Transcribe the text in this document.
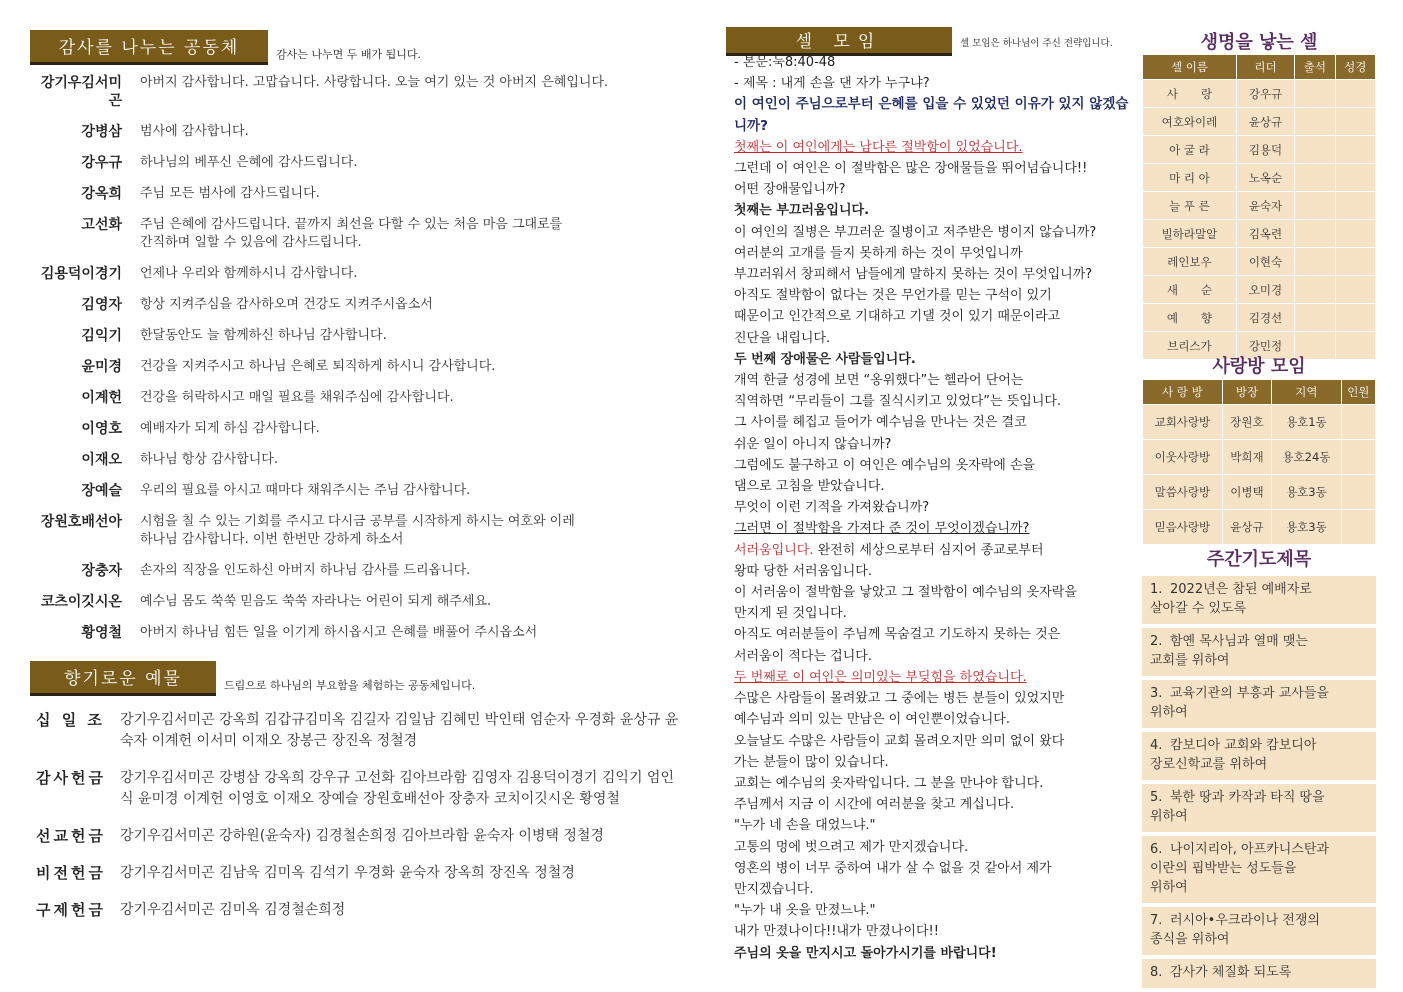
감사를 나누는 공동체	감사는 나누면 두 배가 됩니다.
강기우김서미곤
아버지 감사합니다. 고맙습니다. 사랑합니다. 오늘 여기 있는 것 아버지 은혜입니다.
강병삼 범사에 감사합니다.
강우규 하나님의 베푸신 은혜에 감사드립니다.
강옥희 주님 모든 범사에 감사드립니다.
고선화 주님 은혜에 감사드립니다. 끝까지 최선을 다할 수 있는 처음 마음 그대로를
간직하며 일할 수 있음에 감사드립니다.
김용덕이경기 언제나 우리와 함께하시니 감사합니다.
김영자 항상 지켜주심을 감사하오며 건강도 지켜주시옵소서
김익기 한달동안도 늘 함께하신 하나님 감사합니다.
윤미경 건강을 지켜주시고 하나님 은혜로 퇴직하게 하시니 감사합니다.
이계헌 건강을 허락하시고 매일 필요를 채워주심에 감사합니다.
이영호 예배자가 되게 하심 감사합니다.
이재오 하나님 항상 감사합니다.
장예슬 우리의 필요를 아시고 때마다 채워주시는 주님 감사합니다.
장원호배선아 시험을 칠 수 있는 기회를 주시고 다시금 공부를 시작하게 하시는 여호와 이레
하나님 감사합니다. 이번 한번만 강하게 하소서
장충자 손자의 직장을 인도하신 아버지 하나님 감사를 드리옵니다.
코츠이깃시온 예수님 몸도 쑥쑥 믿음도 쑥쑥 자라나는 어린이 되게 해주세요.
황영철 아버지 하나님 힘든 일을 이기게 하시옵시고 은혜를 배풀어 주시옵소서
향기로운 예물	드림으로 하나님의 부요함을 체험하는 공동체입니다.
십 일 조 강기우김서미곤 강옥희 김갑규김미옥 김길자 김일남 김혜민 박인태 엄순자 우경화 윤상규 윤숙자 이계헌 이서미 이재오 장봉근 장진옥 정철경
감사헌금 강기우김서미곤 강병삼 강옥희 강우규 고선화 김아브라함 김영자 김용덕이경기 김익기 엄인식 윤미경 이계헌 이영호 이재오 장예슬 장원호배선아 장충자 코치이깃시온 황영철
선교헌금 강기우김서미곤 강하원(윤숙자) 김경철손희정 김아브라함 윤숙자 이병택 정철경
비전헌금 강기우김서미곤 김남욱 김미옥 김석기 우경화 윤숙자 장옥희 장진옥 정철경
구제헌금 강기우김서미곤 김미옥 김경철손희정
셀 모임	셀 모임은 하나님이 주신 전략입니다.
- 본문:눅8:40-48
- 제목 : 내게 손을 댄 자가 누구냐?
이 여인이 주님으로부터 은혜를 입을 수 있었던 이유가 있지 않겠습니까?
첫째는 이 여인에게는 남다른 절박함이 있었습니다.
그런데 이 여인은 이 절박함은 많은 장애물들을 뛰어넘습니다!!
어떤 장애물입니까?
첫째는 부끄러움입니다.
이 여인의 질병은 부끄러운 질병이고 저주받은 병이지 않습니까?
여러분의 고개를 들지 못하게 하는 것이 무엇입니까
부끄러워서 창피해서 남들에게 말하지 못하는 것이 무엇입니까?
아직도 절박함이 없다는 것은 무언가를 믿는 구석이 있기
때문이고 인간적으로 기대하고 기댈 것이 있기 때문이라고
진단을 내립니다.
두 번째 장애물은 사람들입니다.
개역 한글 성경에 보면 “옹위했다”는 헬라어 단어는
직역하면 “무리들이 그를 질식시키고 있었다”는 뜻입니다.
그 사이를 헤집고 들어가 예수님을 만나는 것은 결코
쉬운 일이 아니지 않습니까?
그럼에도 불구하고 이 여인은 예수님의 옷자락에 손을
댐으로 고침을 받았습니다.
무엇이 이런 기적을 가져왔습니까?
그러면 이 절박함을 가져다 준 것이 무엇이겠습니까?
서러움입니다. 완전히 세상으로부터 심지어 종교로부터
왕따 당한 서러움입니다.
이 서러움이 절박함을 낳았고 그 절박함이 예수님의 옷자락을
만지게 된 것입니다.
아직도 여러분들이 주님께 목숨걸고 기도하지 못하는 것은
서러움이 적다는 겁니다.
두 번째로 이 여인은 의미있는 부딪힘을 하였습니다.
수많은 사람들이 몰려왔고 그 중에는 병든 분들이 있었지만
예수님과 의미 있는 만남은 이 여인뿐이었습니다.
오늘날도 수많은 사람들이 교회 몰려오지만 의미 없이 왔다
가는 분들이 많이 있습니다.
교회는 예수님의 옷자락입니다. 그 분을 만나야 합니다.
주님께서 지금 이 시간에 여러분을 찾고 계십니다.
"누가 네 손을 대었느냐."
고통의 멍에 벗으려고 제가 만지겠습니다.
영혼의 병이 너무 중하여 내가 살 수 없을 것 같아서 제가
만지겠습니다.
"누가 내 옷을 만졌느냐."
내가 만졌나이다!!내가 만졌나이다!!
주님의 옷을 만지시고 돌아가시기를 바랍니다!
생명을 낳는 셀
셀 이름	리더	출석	성경
사　　랑	강우규		
여호와이레	윤상규		
아 굴 라	김용덕		
마 리 아	노옥순		
늘 푸 른	윤숙자		
빌하라말알	김옥련		
레인보우	이현숙		
새　　순	오미경		
예　　향	김경선		
브리스가	강민정		
사랑방 모임
사 랑 방	방장	지역	인원
교회사랑방	장원호	용호1동	
이웃사랑방	박희재	용호24동	
말씀사랑방	이병택	용호3동	
믿음사랑방	윤상규	용호3동	
주간기도제목
1. 2022년은 참된 예배자로
살아갈 수 있도록
2. 함옌 목사님과 열매 맺는
교회를 위하여
3. 교육기관의 부흥과 교사들을
위하여
4. 캄보디아 교회와 캄보디아
장로신학교를 위하여
5. 북한 땅과 카작과 타직 땅을
위하여
6. 나이지리아, 아프카니스탄과
이란의 핍박받는 성도들을
위하여
7. 러시아•우크라이나 전쟁의
종식을 위하여
8. 감사가 체질화 되도록
